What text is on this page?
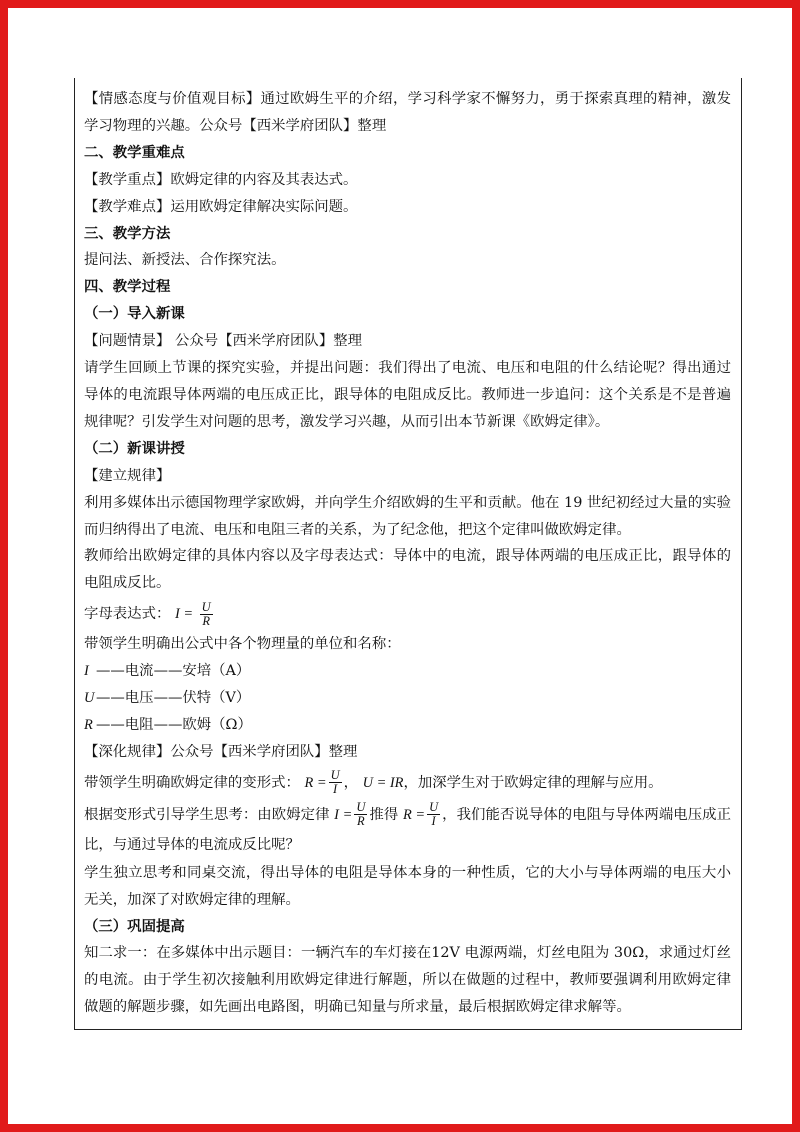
【情感态度与价值观目标】通过欧姆生平的介绍，学习科学家不懈努力，勇于探索真理的精神，激发学习物理的兴趣。公众号【西米学府团队】整理

二、教学重难点

【教学重点】欧姆定律的内容及其表达式。

【教学难点】运用欧姆定律解决实际问题。

三、教学方法

提问法、新授法、合作探究法。

四、教学过程

（一）导入新课

【问题情景】 公众号【西米学府团队】整理

请学生回顾上节课的探究实验，并提出问题：我们得出了电流、电压和电阻的什么结论呢？得出通过导体的电流跟导体两端的电压成正比，跟导体的电阻成反比。教师进一步追问：这个关系是不是普遍规律呢？引发学生对问题的思考，激发学习兴趣，从而引出本节新课《欧姆定律》。

（二）新课讲授

【建立规律】

利用多媒体出示德国物理学家欧姆，并向学生介绍欧姆的生平和贡献。他在 19 世纪初经过大量的实验而归纳得出了电流、电压和电阻三者的关系，为了纪念他，把这个定律叫做欧姆定律。

教师给出欧姆定律的具体内容以及字母表达式：导体中的电流，跟导体两端的电压成正比，跟导体的电阻成反比。

字母表达式： $I = \frac{U}{R}$

带领学生明确出公式中各个物理量的单位和名称：

I ——电流——安培（A）

U ——电压——伏特（V）

R ——电阻——欧姆（Ω）

【深化规律】公众号【西米学府团队】整理

带领学生明确欧姆定律的变形式： $R = \frac{U}{I}$ ， U = IR，加深学生对于欧姆定律的理解与应用。

根据变形式引导学生思考：由欧姆定律 $I = \frac{U}{R}$ 推得 $R = \frac{U}{I}$ ，我们能否说导体的电阻与导体两端电压成正比，与通过导体的电流成反比呢？

学生独立思考和同桌交流，得出导体的电阻是导体本身的一种性质，它的大小与导体两端的电压大小无关，加深了对欧姆定律的理解。

（三）巩固提高

知二求一：在多媒体中出示题目：一辆汽车的车灯接在12V 电源两端，灯丝电阻为 30Ω，求通过灯丝的电流。由于学生初次接触利用欧姆定律进行解题，所以在做题的过程中，教师要强调利用欧姆定律做题的解题步骤，如先画出电路图，明确已知量与所求量，最后根据欧姆定律求解等。
